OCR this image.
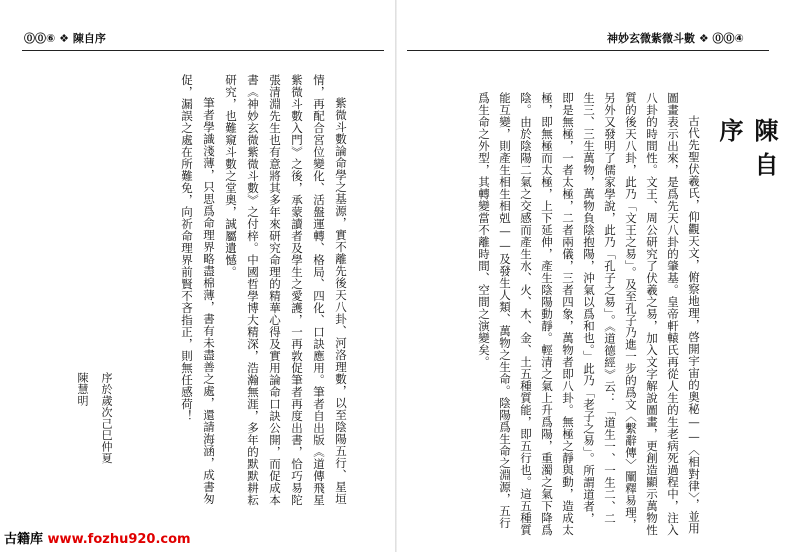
⓪⓪⑥ ❖ 陳自序
紫微斗數論命學之基源，實不離先後天八卦、河洛理數，以至陰陽五行、星垣情，再配合宮位變化、活盤運轉、格局、四化、口訣應用。筆者自出版《道傳飛星紫微斗數入門》之後，承蒙讀者及學生之愛護，一再敦促筆者再度出書，恰巧易陀張清淵先生也有意將其多年來研究命理的精華心得及實用論命口訣公開，而促成本書《神妙玄微紫微斗數》之付梓。中國哲學博大精深，浩瀚無涯，多年的默默耕耘研究，也難窺斗數之堂奧，誠屬遺憾。
筆者學識淺薄，只思爲命理界略盡棉薄，書有未盡善之處，還請海涵，成書匆促，漏誤之處在所難免，向祈命理界前賢不吝指正，則無任感荷！
序於歲次己巳仲夏
陳慧明
神妙玄微紫微斗數 ❖ ⓪⓪④
陳自序
古代先聖伏羲氏，仰觀天文，俯察地理，啓開宇宙的奧秘——〈相對律〉，並用圖畫表示出來，是爲先天八卦的肇基。皇帝軒轅氏再從人生的生老病死過程中，注入八卦的時間性。文王、周公研究了伏羲之易，加入文字解說圖畫，更創造顯示萬物性質的後天八卦，此乃「文王之易」。及至孔子乃進一步的爲文〈繫辭傳〉闡釋易理，另外又發明了儒家學說，此乃「孔子之易」。《道德經》云：「道生一、一生二、二生三、三生萬物，萬物負陰抱陽，沖氣以爲和也。」此乃「老子之易」。所謂道者，即是無極，一者太極，二者兩儀，三者四象，萬物者即八卦。無極之靜與動，造成太極，即無極而太極，上下延伸，產生陰陽動靜。輕清之氣上升爲陽，重濁之氣下降爲陰。由於陰陽二氣之交感而產生水、火、木、金、土五種質能，即五行也。這五種質能互變，則產生相生相剋——及發生人類、萬物之生命。陰陽爲生命之淵源，五行爲生命之外型，其轉變當不離時間、空間之演變矣。
古籍库 www.fozhu920.com
